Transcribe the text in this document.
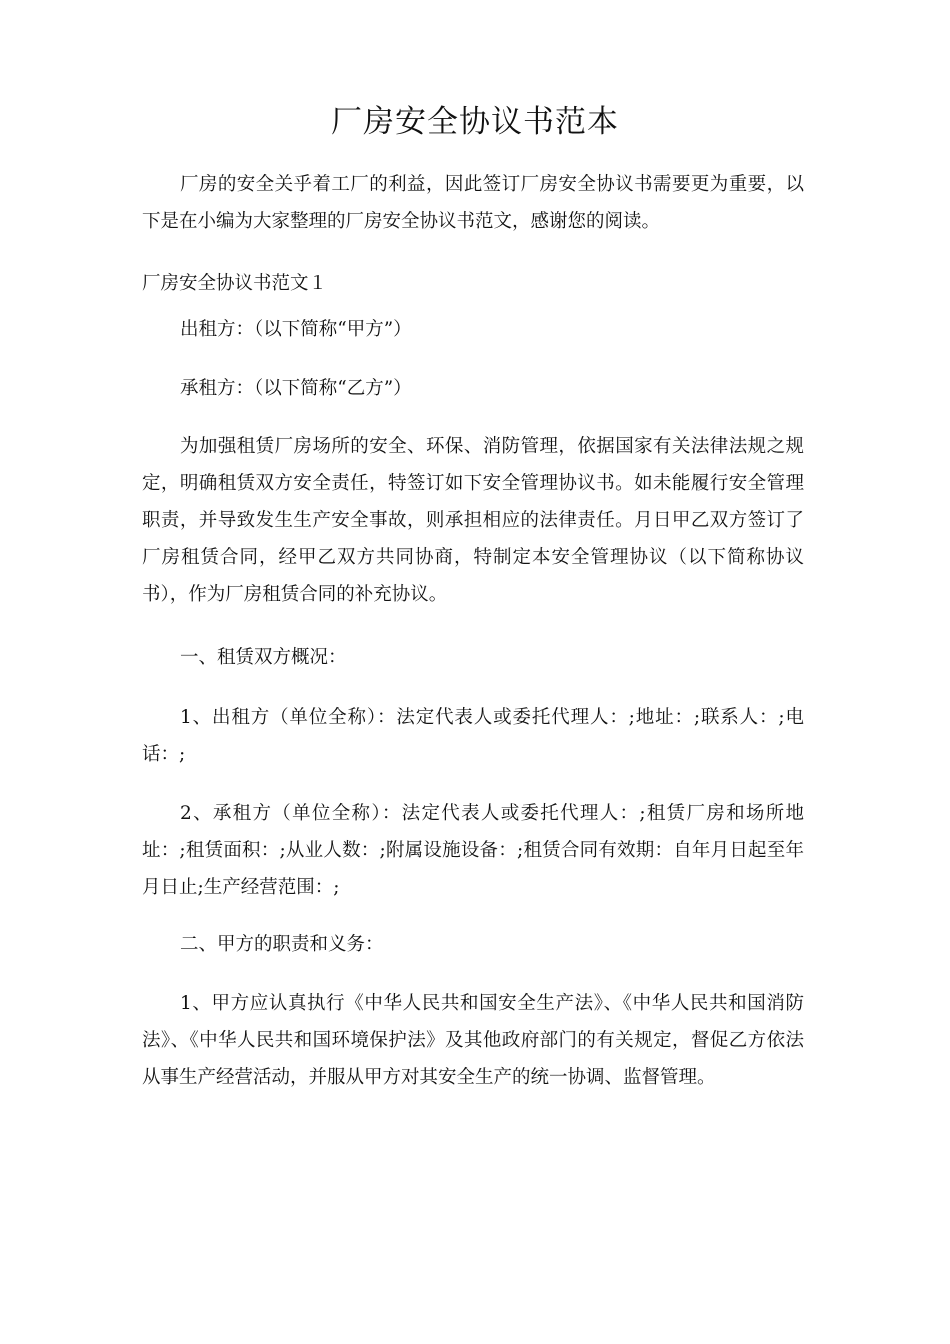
厂房安全协议书范本

厂房的安全关乎着工厂的利益，因此签订厂房安全协议书需要更为重要，以下是在小编为大家整理的厂房安全协议书范文，感谢您的阅读。

厂房安全协议书范文１

出租方：（以下简称“甲方”）

承租方：（以下简称“乙方”）

为加强租赁厂房场所的安全、环保、消防管理，依据国家有关法律法规之规定，明确租赁双方安全责任，特签订如下安全管理协议书。如未能履行安全管理职责，并导致发生生产安全事故，则承担相应的法律责任。月日甲乙双方签订了厂房租赁合同，经甲乙双方共同协商，特制定本安全管理协议（以下简称协议书），作为厂房租赁合同的补充协议。

一、租赁双方概况：

1、出租方（单位全称）：法定代表人或委托代理人：;地址：;联系人：;电话：;

2、承租方（单位全称）：法定代表人或委托代理人：;租赁厂房和场所地址：;租赁面积：;从业人数：;附属设施设备：;租赁合同有效期：自年月日起至年月日止;生产经营范围：;

二、甲方的职责和义务：

1、甲方应认真执行《中华人民共和国安全生产法》、《中华人民共和国消防法》、《中华人民共和国环境保护法》及其他政府部门的有关规定，督促乙方依法从事生产经营活动，并服从甲方对其安全生产的统一协调、监督管理。
